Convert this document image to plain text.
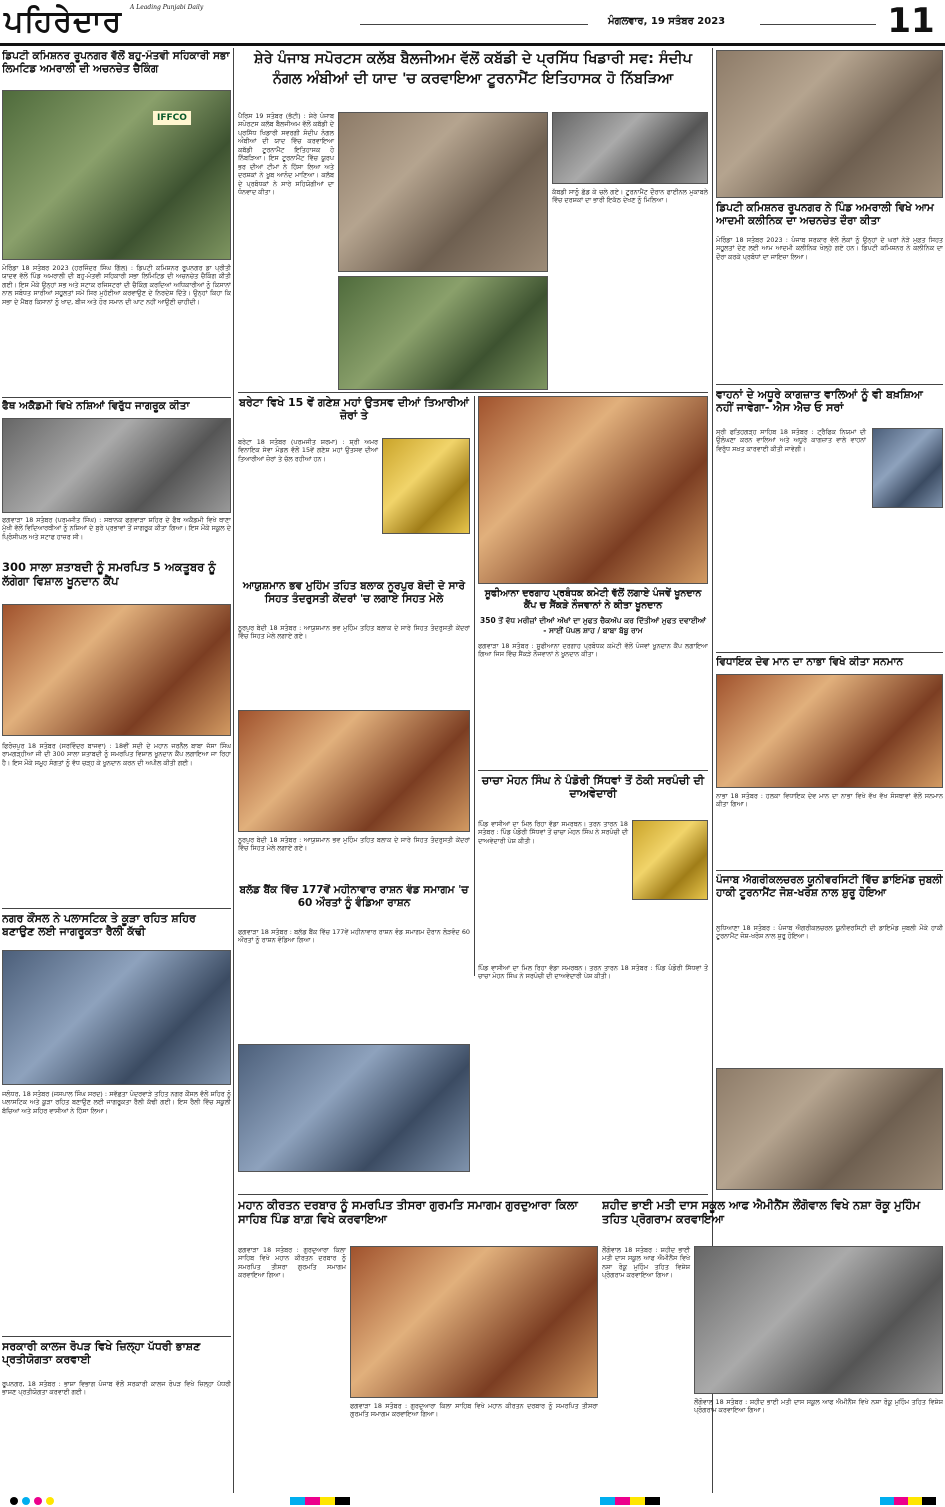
ਪਹਿਰੇਦਾਰ A Leading Punjabi Daily
ਮੰਗਲਵਾਰ, 19 ਸਤੰਬਰ 2023	11
ਡਿਪਟੀ ਕਮਿਸ਼ਨਰ ਰੂਪਨਗਰ ਵੱਲੋਂ ਬਹੁ-ਮੰਤਵੀ ਸਹਿਕਾਰੀ ਸਭਾ ਲਿਮਟਿਡ ਅਮਰਾਲੀ ਦੀ ਅਚਨਚੇਤ ਚੈਕਿੰਗ
IFFCO
ਮੋਰਿੰਡਾ 18 ਸਤੰਬਰ 2023 (ਹਰਜਿੰਦਰ ਸਿੰਘ ਗਿੱਲ) : ਡਿਪਟੀ ਕਮਿਸ਼ਨਰ ਰੂਪਨਗਰ ਡਾ ਪ੍ਰੀਤੀ ਯਾਦਵ ਵੱਲੋਂ ਪਿੰਡ ਅਮਰਾਲੀ ਦੀ ਬਹੁ-ਮੰਤਵੀ ਸਹਿਕਾਰੀ ਸਭਾ ਲਿਮਿਟਿਡ ਦੀ ਅਚਨਚੇਤ ਚੈਕਿੰਗ ਕੀਤੀ ਗਈ। ਇਸ ਮੌਕੇ ਉਨ੍ਹਾਂ ਸਭ ਅਤੇ ਸਟਾਕ ਰਜਿਸਟਰਾਂ ਦੀ ਚੈਕਿੰਗ ਕਰਦਿਆਂ ਅਧਿਕਾਰੀਆਂ ਨੂੰ ਕਿਸਾਨਾਂ ਨਾਲ ਸਬੰਧਤ ਸਾਰੀਆਂ ਸਹੂਲਤਾਂ ਸਮੇਂ ਸਿਰ ਮੁਹੱਈਆ ਕਰਵਾਉਣ ਦੇ ਨਿਰਦੇਸ਼ ਦਿੱਤੇ। ਉਨ੍ਹਾਂ ਕਿਹਾ ਕਿ ਸਭਾ ਦੇ ਮੈਂਬਰ ਕਿਸਾਨਾਂ ਨੂੰ ਖਾਦ, ਬੀਜ ਅਤੇ ਹੋਰ ਸਮਾਨ ਦੀ ਘਾਟ ਨਹੀਂ ਆਉਣੀ ਚਾਹੀਦੀ।
ਫੈਥ ਅਕੈਡਮੀ ਵਿਖੇ ਨਸ਼ਿਆਂ ਵਿਰੁੱਧ ਜਾਗਰੂਕ ਕੀਤਾ
ਫਗਵਾੜਾ 18 ਸਤੰਬਰ (ਪਰਮਜੀਤ ਸਿੰਘ) : ਸਥਾਨਕ ਫਗਵਾੜਾ ਸ਼ਹਿਰ ਦੇ ਫੈਥ ਅਕੈਡਮੀ ਵਿਖੇ ਥਾਣਾ ਮੁੱਖੀ ਵੱਲੋਂ ਵਿਦਿਆਰਥੀਆਂ ਨੂੰ ਨਸ਼ਿਆਂ ਦੇ ਬੁਰੇ ਪ੍ਰਭਾਵਾਂ ਤੋਂ ਜਾਗਰੂਕ ਕੀਤਾ ਗਿਆ। ਇਸ ਮੌਕੇ ਸਕੂਲ ਦੇ ਪ੍ਰਿੰਸੀਪਲ ਅਤੇ ਸਟਾਫ ਹਾਜ਼ਰ ਸੀ।
300 ਸਾਲਾ ਸ਼ਤਾਬਦੀ ਨੂੰ ਸਮਰਪਿਤ 5 ਅਕਤੂਬਰ ਨੂੰ ਲੱਗੇਗਾ ਵਿਸ਼ਾਲ ਖੂਨਦਾਨ ਕੈਂਪ
ਫਿਰੋਜ਼ਪੁਰ 18 ਸਤੰਬਰ (ਸਰਵਿੰਦਰ ਬਾਜਵਾ) : 18ਵੀਂ ਸਦੀ ਦੇ ਮਹਾਨ ਜਰਨੈਲ ਬਾਬਾ ਜੱਸਾ ਸਿੰਘ ਰਾਮਗੜ੍ਹੀਆ ਜੀ ਦੀ 300 ਸਾਲਾ ਸ਼ਤਾਬਦੀ ਨੂੰ ਸਮਰਪਿਤ ਵਿਸ਼ਾਲ ਖੂਨਦਾਨ ਕੈਂਪ ਲਗਾਇਆ ਜਾ ਰਿਹਾ ਹੈ। ਇਸ ਮੌਕੇ ਸਮੂਹ ਸੰਗਤਾਂ ਨੂੰ ਵੱਧ ਚੜ੍ਹ ਕੇ ਖੂਨਦਾਨ ਕਰਨ ਦੀ ਅਪੀਲ ਕੀਤੀ ਗਈ।
ਨਗਰ ਕੌਂਸਲ ਨੇ ਪਲਾਸਟਿਕ ਤੇ ਕੂੜਾ ਰਹਿਤ ਸ਼ਹਿਰ ਬਣਾਉਣ ਲਈ ਜਾਗਰੂਕਤਾ ਰੈਲੀ ਕੱਢੀ
ਜਲੰਧਰ, 18 ਸਤੰਬਰ (ਜਸਪਾਲ ਸਿੰਘ ਸਰਦ) : ਸਵੱਛਤਾ ਪੰਦਰਵਾੜੇ ਤਹਿਤ ਨਗਰ ਕੌਂਸਲ ਵੱਲੋਂ ਸ਼ਹਿਰ ਨੂੰ ਪਲਾਸਟਿਕ ਅਤੇ ਕੂੜਾ ਰਹਿਤ ਬਣਾਉਣ ਲਈ ਜਾਗਰੂਕਤਾ ਰੈਲੀ ਕੱਢੀ ਗਈ। ਇਸ ਰੈਲੀ ਵਿੱਚ ਸਕੂਲੀ ਬੱਚਿਆਂ ਅਤੇ ਸ਼ਹਿਰ ਵਾਸੀਆਂ ਨੇ ਹਿੱਸਾ ਲਿਆ।
ਸਰਕਾਰੀ ਕਾਲਜ ਰੋਪੜ ਵਿਖੇ ਜ਼ਿਲ੍ਹਾ ਪੱਧਰੀ ਭਾਸ਼ਣ ਪ੍ਰਤੀਯੋਗਤਾ ਕਰਵਾਈ
ਰੂਪਨਗਰ, 18 ਸਤੰਬਰ : ਭਾਸ਼ਾ ਵਿਭਾਗ ਪੰਜਾਬ ਵੱਲੋਂ ਸਰਕਾਰੀ ਕਾਲਜ ਰੋਪੜ ਵਿਖੇ ਜ਼ਿਲ੍ਹਾ ਪੱਧਰੀ ਭਾਸ਼ਣ ਪ੍ਰਤੀਯੋਗਤਾ ਕਰਵਾਈ ਗਈ।
ਸ਼ੇਰੇ ਪੰਜਾਬ ਸਪੋਰਟਸ ਕਲੱਬ ਬੈਲਜੀਅਮ ਵੱਲੋਂ ਕਬੱਡੀ ਦੇ ਪ੍ਰਸਿੱਧ ਖਿਡਾਰੀ ਸਵ: ਸੰਦੀਪ ਨੰਗਲ ਅੰਬੀਆਂ ਦੀ ਯਾਦ 'ਚ ਕਰਵਾਇਆ ਟੂਰਨਾਮੈਂਟ ਇਤਿਹਾਸਕ ਹੋ ਨਿੱਬੜਿਆ
ਪੈਰਿਸ 19 ਸਤੰਬਰ (ਭੱਟੀ) : ਸ਼ੇਰੇ ਪੰਜਾਬ ਸਪੋਰਟਸ ਕਲੱਬ ਬੈਲਜੀਅਮ ਵੱਲੋਂ ਕਬੱਡੀ ਦੇ ਪ੍ਰਸਿੱਧ ਖਿਡਾਰੀ ਸਵਰਗੀ ਸੰਦੀਪ ਨੰਗਲ ਅੰਬੀਆਂ ਦੀ ਯਾਦ ਵਿੱਚ ਕਰਵਾਇਆ ਕਬੱਡੀ ਟੂਰਨਾਮੈਂਟ ਇਤਿਹਾਸਕ ਹੋ ਨਿੱਬੜਿਆ। ਇਸ ਟੂਰਨਾਮੈਂਟ ਵਿੱਚ ਯੂਰਪ ਭਰ ਦੀਆਂ ਟੀਮਾਂ ਨੇ ਹਿੱਸਾ ਲਿਆ ਅਤੇ ਦਰਸ਼ਕਾਂ ਨੇ ਖੂਬ ਆਨੰਦ ਮਾਣਿਆ। ਕਲੱਬ ਦੇ ਪ੍ਰਬੰਧਕਾਂ ਨੇ ਸਾਰੇ ਸਹਿਯੋਗੀਆਂ ਦਾ ਧੰਨਵਾਦ ਕੀਤਾ।	ਕੱਬਡੀ ਸਾਨੂੰ ਛੱਡ ਕੇ ਚਲੇ ਗਏ। ਟੂਰਨਾਮੈਂਟ ਦੌਰਾਨ ਫਾਈਨਲ ਮੁਕਾਬਲੇ ਵਿੱਚ ਦਰਸ਼ਕਾਂ ਦਾ ਭਾਰੀ ਇਕੱਠ ਦੇਖਣ ਨੂੰ ਮਿਲਿਆ।
ਬਰੇਟਾ ਵਿਖੇ 15 ਵੇਂ ਗਣੇਸ਼ ਮਹਾਂ ਉਤਸਵ ਦੀਆਂ ਤਿਆਰੀਆਂ ਜ਼ੋਰਾਂ ਤੇ
ਬਰੇਟਾ 18 ਸਤੰਬਰ (ਪਰਮਜੀਤ ਸ਼ਰਮਾ) : ਸ਼੍ਰੀ ਅਮਰ ਵਿਨਾਇਕ ਸੇਵਾ ਮੰਡਲ ਵੱਲੋਂ 15ਵੇਂ ਗਣੇਸ਼ ਮਹਾਂ ਉਤਸਵ ਦੀਆਂ ਤਿਆਰੀਆਂ ਜ਼ੋਰਾਂ ਤੇ ਚੱਲ ਰਹੀਆਂ ਹਨ।
ਆਯੁਸ਼ਮਾਨ ਭਵ ਮੁਹਿੰਮ ਤਹਿਤ ਬਲਾਕ ਨੂਰਪੁਰ ਬੇਦੀ ਦੇ ਸਾਰੇ ਸਿਹਤ ਤੰਦਰੁਸਤੀ ਕੇਂਦਰਾਂ 'ਚ ਲਗਾਏ ਸਿਹਤ ਮੇਲੇ
ਨੂਰਪੁਰ ਬੇਦੀ 18 ਸਤੰਬਰ : ਆਯੁਸ਼ਮਾਨ ਭਵ ਮੁਹਿੰਮ ਤਹਿਤ ਬਲਾਕ ਦੇ ਸਾਰੇ ਸਿਹਤ ਤੰਦਰੁਸਤੀ ਕੇਂਦਰਾਂ ਵਿੱਚ ਸਿਹਤ ਮੇਲੇ ਲਗਾਏ ਗਏ।
ਨੂਰਪੁਰ ਬੇਦੀ 18 ਸਤੰਬਰ : ਆਯੁਸ਼ਮਾਨ ਭਵ ਮੁਹਿੰਮ ਤਹਿਤ ਬਲਾਕ ਦੇ ਸਾਰੇ ਸਿਹਤ ਤੰਦਰੁਸਤੀ ਕੇਂਦਰਾਂ ਵਿੱਚ ਸਿਹਤ ਮੇਲੇ ਲਗਾਏ ਗਏ।
ਬਲੱਡ ਬੈਂਕ ਵਿੱਚ 177ਵੇਂ ਮਹੀਨਾਵਾਰ ਰਾਸ਼ਨ ਵੰਡ ਸਮਾਗਮ 'ਚ 60 ਔਰਤਾਂ ਨੂੰ ਵੰਡਿਆ ਰਾਸ਼ਨ
ਫਗਵਾੜਾ 18 ਸਤੰਬਰ : ਬਲੱਡ ਬੈਂਕ ਵਿੱਚ 177ਵੇਂ ਮਹੀਨਾਵਾਰ ਰਾਸ਼ਨ ਵੰਡ ਸਮਾਗਮ ਦੌਰਾਨ ਲੋੜਵੰਦ 60 ਔਰਤਾਂ ਨੂੰ ਰਾਸ਼ਨ ਵੰਡਿਆ ਗਿਆ।
ਸੂਫੀਆਨਾ ਦਰਗਾਹ ਪ੍ਰਬੰਧਕ ਕਮੇਟੀ ਵੱਲੋਂ ਲਗਾਏ ਪੰਜਵੇਂ ਖੂਨਦਾਨ ਕੈਂਪ ਚ ਸੈਂਕੜੇ ਨੌਜਵਾਨਾਂ ਨੇ ਕੀਤਾ ਖੂਨਦਾਨ
350 ਤੋਂ ਵੱਧ ਮਰੀਜ਼ਾਂ ਦੀਆਂ ਅੱਖਾਂ ਦਾ ਮੁਫਤ ਚੈਕਅੱਪ ਕਰ ਦਿੱਤੀਆਂ ਮੁਫਤ ਦਵਾਈਆਂ - ਸਾਈਂ ਪੱਪਲ ਸ਼ਾਹ / ਬਾਬਾ ਬੱਬੂ ਰਾਮ
ਫਗਵਾੜਾ 18 ਸਤੰਬਰ : ਸੂਫੀਆਨਾ ਦਰਗਾਹ ਪ੍ਰਬੰਧਕ ਕਮੇਟੀ ਵੱਲੋਂ ਪੰਜਵਾਂ ਖੂਨਦਾਨ ਕੈਂਪ ਲਗਾਇਆ ਗਿਆ ਜਿਸ ਵਿੱਚ ਸੈਂਕੜੇ ਨੌਜਵਾਨਾਂ ਨੇ ਖੂਨਦਾਨ ਕੀਤਾ।
ਚਾਚਾ ਮੋਹਨ ਸਿੰਘ ਨੇ ਪੰਡੋਰੀ ਸਿੱਧਵਾਂ ਤੋਂ ਠੋਕੀ ਸਰਪੰਚੀ ਦੀ ਦਾਅਵੇਦਾਰੀ
ਪਿੰਡ ਵਾਸੀਆਂ ਦਾ ਮਿਲ ਰਿਹਾ ਵੱਡਾ ਸਮਰਥਨ। ਤਰਨ ਤਾਰਨ 18 ਸਤੰਬਰ : ਪਿੰਡ ਪੰਡੋਰੀ ਸਿੱਧਵਾਂ ਤੋਂ ਚਾਚਾ ਮੋਹਨ ਸਿੰਘ ਨੇ ਸਰਪੰਚੀ ਦੀ ਦਾਅਵੇਦਾਰੀ ਪੇਸ਼ ਕੀਤੀ।
ਪਿੰਡ ਵਾਸੀਆਂ ਦਾ ਮਿਲ ਰਿਹਾ ਵੱਡਾ ਸਮਰਥਨ। ਤਰਨ ਤਾਰਨ 18 ਸਤੰਬਰ : ਪਿੰਡ ਪੰਡੋਰੀ ਸਿੱਧਵਾਂ ਤੋਂ ਚਾਚਾ ਮੋਹਨ ਸਿੰਘ ਨੇ ਸਰਪੰਚੀ ਦੀ ਦਾਅਵੇਦਾਰੀ ਪੇਸ਼ ਕੀਤੀ।
ਮਹਾਨ ਕੀਰਤਨ ਦਰਬਾਰ ਨੂੰ ਸਮਰਪਿਤ ਤੀਸਰਾ ਗੁਰਮਤਿ ਸਮਾਗਮ ਗੁਰਦੁਆਰਾ ਕਿਲਾ ਸਾਹਿਬ ਪਿੰਡ ਬਾਗ਼ ਵਿਖੇ ਕਰਵਾਇਆ
ਫਗਵਾੜਾ 18 ਸਤੰਬਰ : ਗੁਰਦੁਆਰਾ ਕਿਲਾ ਸਾਹਿਬ ਵਿਖੇ ਮਹਾਨ ਕੀਰਤਨ ਦਰਬਾਰ ਨੂੰ ਸਮਰਪਿਤ ਤੀਸਰਾ ਗੁਰਮਤਿ ਸਮਾਗਮ ਕਰਵਾਇਆ ਗਿਆ।
ਫਗਵਾੜਾ 18 ਸਤੰਬਰ : ਗੁਰਦੁਆਰਾ ਕਿਲਾ ਸਾਹਿਬ ਵਿਖੇ ਮਹਾਨ ਕੀਰਤਨ ਦਰਬਾਰ ਨੂੰ ਸਮਰਪਿਤ ਤੀਸਰਾ ਗੁਰਮਤਿ ਸਮਾਗਮ ਕਰਵਾਇਆ ਗਿਆ।
ਡਿਪਟੀ ਕਮਿਸ਼ਨਰ ਰੂਪਨਗਰ ਨੇ ਪਿੰਡ ਅਮਰਾਲੀ ਵਿਖੇ ਆਮ ਆਦਮੀ ਕਲੀਨਿਕ ਦਾ ਅਚਨਚੇਤ ਦੌਰਾ ਕੀਤਾ
ਮੋਰਿੰਡਾ 18 ਸਤੰਬਰ 2023 : ਪੰਜਾਬ ਸਰਕਾਰ ਵੱਲੋਂ ਲੋਕਾਂ ਨੂੰ ਉਨ੍ਹਾਂ ਦੇ ਘਰਾਂ ਨੇੜੇ ਮੁਫ਼ਤ ਸਿਹਤ ਸਹੂਲਤਾਂ ਦੇਣ ਲਈ ਆਮ ਆਦਮੀ ਕਲੀਨਿਕ ਖੋਲ੍ਹੇ ਗਏ ਹਨ। ਡਿਪਟੀ ਕਮਿਸ਼ਨਰ ਨੇ ਕਲੀਨਿਕ ਦਾ ਦੌਰਾ ਕਰਕੇ ਪ੍ਰਬੰਧਾਂ ਦਾ ਜਾਇਜ਼ਾ ਲਿਆ।
ਵਾਹਨਾਂ ਦੇ ਅਧੂਰੇ ਕਾਗਜ਼ਾਤ ਵਾਲਿਆਂ ਨੂੰ ਵੀ ਬਖ਼ਸ਼ਿਆ ਨਹੀਂ ਜਾਵੇਗਾ- ਐਸ ਐਚ ਓ ਸਰਾਂ
ਸ੍ਰੀ ਫਤਿਹਗੜ੍ਹ ਸਾਹਿਬ 18 ਸਤੰਬਰ : ਟ੍ਰੈਫਿਕ ਨਿਯਮਾਂ ਦੀ ਉਲੰਘਣਾ ਕਰਨ ਵਾਲਿਆਂ ਅਤੇ ਅਧੂਰੇ ਕਾਗਜ਼ਾਤ ਵਾਲੇ ਵਾਹਨਾਂ ਵਿਰੁੱਧ ਸਖ਼ਤ ਕਾਰਵਾਈ ਕੀਤੀ ਜਾਵੇਗੀ।
ਵਿਧਾਇਕ ਦੇਵ ਮਾਨ ਦਾ ਨਾਭਾ ਵਿਖੇ ਕੀਤਾ ਸਨਮਾਨ
ਨਾਭਾ 18 ਸਤੰਬਰ : ਹਲਕਾ ਵਿਧਾਇਕ ਦੇਵ ਮਾਨ ਦਾ ਨਾਭਾ ਵਿਖੇ ਵੱਖ ਵੱਖ ਸੰਸਥਾਵਾਂ ਵੱਲੋਂ ਸਨਮਾਨ ਕੀਤਾ ਗਿਆ।
ਪੰਜਾਬ ਐਗਰੀਕਲਚਰਲ ਯੂਨੀਵਰਸਿਟੀ ਵਿੱਚ ਡਾਇਮੰਡ ਜੁਬਲੀ ਹਾਕੀ ਟੂਰਨਾਮੈਂਟ ਜੋਸ਼-ਖਰੋਸ਼ ਨਾਲ ਸ਼ੁਰੂ ਹੋਇਆ
ਲੁਧਿਆਣਾ 18 ਸਤੰਬਰ : ਪੰਜਾਬ ਐਗਰੀਕਲਚਰਲ ਯੂਨੀਵਰਸਿਟੀ ਦੀ ਡਾਇਮੰਡ ਜੁਬਲੀ ਮੌਕੇ ਹਾਕੀ ਟੂਰਨਾਮੈਂਟ ਜੋਸ਼-ਖਰੋਸ਼ ਨਾਲ ਸ਼ੁਰੂ ਹੋਇਆ।
ਸ਼ਹੀਦ ਭਾਈ ਮਤੀ ਦਾਸ ਸਕੂਲ ਆਫ ਐਮੀਨੈਂਸ ਲੌਂਗੋਵਾਲ ਵਿਖੇ ਨਸ਼ਾ ਰੋਕੂ ਮੁਹਿੰਮ ਤਹਿਤ ਪ੍ਰੋਗਰਾਮ ਕਰਵਾਇਆ
ਲੌਂਗੋਵਾਲ 18 ਸਤੰਬਰ : ਸ਼ਹੀਦ ਭਾਈ ਮਤੀ ਦਾਸ ਸਕੂਲ ਆਫ ਐਮੀਨੈਂਸ ਵਿਖੇ ਨਸ਼ਾ ਰੋਕੂ ਮੁਹਿੰਮ ਤਹਿਤ ਵਿਸ਼ੇਸ਼ ਪ੍ਰੋਗਰਾਮ ਕਰਵਾਇਆ ਗਿਆ।
ਲੌਂਗੋਵਾਲ 18 ਸਤੰਬਰ : ਸ਼ਹੀਦ ਭਾਈ ਮਤੀ ਦਾਸ ਸਕੂਲ ਆਫ ਐਮੀਨੈਂਸ ਵਿਖੇ ਨਸ਼ਾ ਰੋਕੂ ਮੁਹਿੰਮ ਤਹਿਤ ਵਿਸ਼ੇਸ਼ ਪ੍ਰੋਗਰਾਮ ਕਰਵਾਇਆ ਗਿਆ।
